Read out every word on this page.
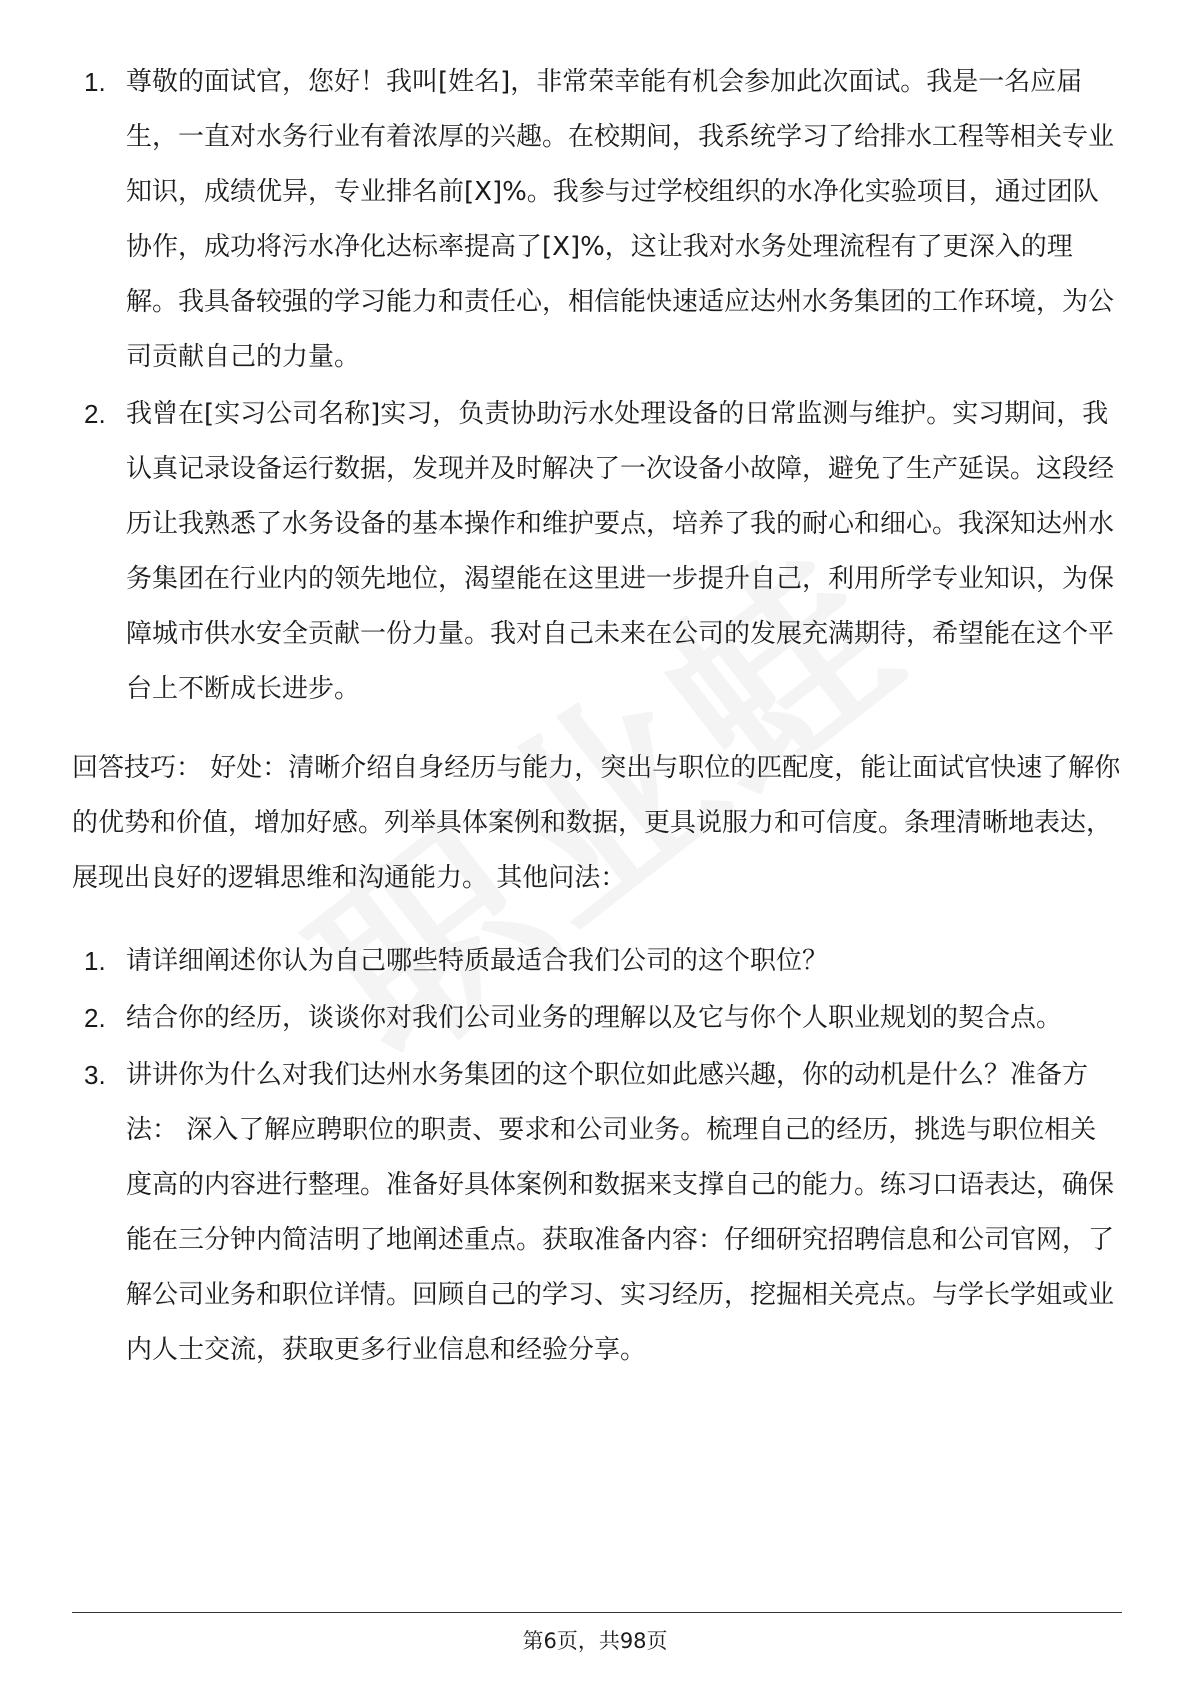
1. 尊敬的面试官，您好！我叫[姓名]，非常荣幸能有机会参加此次面试。我是一名应届生，一直对水务行业有着浓厚的兴趣。在校期间，我系统学习了给排水工程等相关专业知识，成绩优异，专业排名前[X]%。我参与过学校组织的水净化实验项目，通过团队协作，成功将污水净化达标率提高了[X]%，这让我对水务处理流程有了更深入的理解。我具备较强的学习能力和责任心，相信能快速适应达州水务集团的工作环境，为公司贡献自己的力量。
2. 我曾在[实习公司名称]实习，负责协助污水处理设备的日常监测与维护。实习期间，我认真记录设备运行数据，发现并及时解决了一次设备小故障，避免了生产延误。这段经历让我熟悉了水务设备的基本操作和维护要点，培养了我的耐心和细心。我深知达州水务集团在行业内的领先地位，渴望能在这里进一步提升自己，利用所学专业知识，为保障城市供水安全贡献一份力量。我对自己未来在公司的发展充满期待，希望能在这个平台上不断成长进步。

回答技巧： 好处：清晰介绍自身经历与能力，突出与职位的匹配度，能让面试官快速了解你的优势和价值，增加好感。列举具体案例和数据，更具说服力和可信度。条理清晰地表达，展现出良好的逻辑思维和沟通能力。 其他问法：

1. 请详细阐述你认为自己哪些特质最适合我们公司的这个职位？
2. 结合你的经历，谈谈你对我们公司业务的理解以及它与你个人职业规划的契合点。
3. 讲讲你为什么对我们达州水务集团的这个职位如此感兴趣，你的动机是什么？准备方法： 深入了解应聘职位的职责、要求和公司业务。梳理自己的经历，挑选与职位相关度高的内容进行整理。准备好具体案例和数据来支撑自己的能力。练习口语表达，确保能在三分钟内简洁明了地阐述重点。获取准备内容：仔细研究招聘信息和公司官网，了解公司业务和职位详情。回顾自己的学习、实习经历，挖掘相关亮点。与学长学姐或业内人士交流，获取更多行业信息和经验分享。
第6页，共98页
